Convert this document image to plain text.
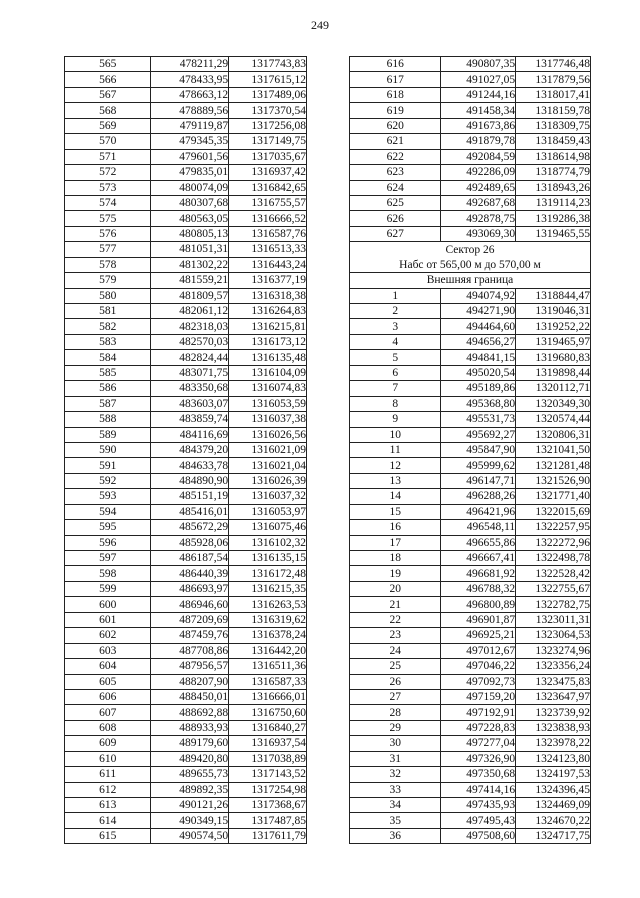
249
565	478211,29	1317743,83
566	478433,95	1317615,12
567	478663,12	1317489,06
568	478889,56	1317370,54
569	479119,87	1317256,08
570	479345,35	1317149,75
571	479601,56	1317035,67
572	479835,01	1316937,42
573	480074,09	1316842,65
574	480307,68	1316755,57
575	480563,05	1316666,52
576	480805,13	1316587,76
577	481051,31	1316513,33
578	481302,22	1316443,24
579	481559,21	1316377,19
580	481809,57	1316318,38
581	482061,12	1316264,83
582	482318,03	1316215,81
583	482570,03	1316173,12
584	482824,44	1316135,48
585	483071,75	1316104,09
586	483350,68	1316074,83
587	483603,07	1316053,59
588	483859,74	1316037,38
589	484116,69	1316026,56
590	484379,20	1316021,09
591	484633,78	1316021,04
592	484890,90	1316026,39
593	485151,19	1316037,32
594	485416,01	1316053,97
595	485672,29	1316075,46
596	485928,06	1316102,32
597	486187,54	1316135,15
598	486440,39	1316172,48
599	486693,97	1316215,35
600	486946,60	1316263,53
601	487209,69	1316319,62
602	487459,76	1316378,24
603	487708,86	1316442,20
604	487956,57	1316511,36
605	488207,90	1316587,33
606	488450,01	1316666,01
607	488692,88	1316750,60
608	488933,93	1316840,27
609	489179,60	1316937,54
610	489420,80	1317038,89
611	489655,73	1317143,52
612	489892,35	1317254,98
613	490121,26	1317368,67
614	490349,15	1317487,85
615	490574,50	1317611,79
616	490807,35	1317746,48
617	491027,05	1317879,56
618	491244,16	1318017,41
619	491458,34	1318159,78
620	491673,86	1318309,75
621	491879,78	1318459,43
622	492084,59	1318614,98
623	492286,09	1318774,79
624	492489,65	1318943,26
625	492687,68	1319114,23
626	492878,75	1319286,38
627	493069,30	1319465,55
Сектор 26		
Набс от 565,00 м до 570,00 м		
Внешняя граница		
1	494074,92	1318844,47
2	494271,90	1319046,31
3	494464,60	1319252,22
4	494656,27	1319465,97
5	494841,15	1319680,83
6	495020,54	1319898,44
7	495189,86	1320112,71
8	495368,80	1320349,30
9	495531,73	1320574,44
10	495692,27	1320806,31
11	495847,90	1321041,50
12	495999,62	1321281,48
13	496147,71	1321526,90
14	496288,26	1321771,40
15	496421,96	1322015,69
16	496548,11	1322257,95
17	496655,86	1322272,96
18	496667,41	1322498,78
19	496681,92	1322528,42
20	496788,32	1322755,67
21	496800,89	1322782,75
22	496901,87	1323011,31
23	496925,21	1323064,53
24	497012,67	1323274,96
25	497046,22	1323356,24
26	497092,73	1323475,83
27	497159,20	1323647,97
28	497192,91	1323739,92
29	497228,83	1323838,93
30	497277,04	1323978,22
31	497326,90	1324123,80
32	497350,68	1324197,53
33	497414,16	1324396,45
34	497435,93	1324469,09
35	497495,43	1324670,22
36	497508,60	1324717,75
